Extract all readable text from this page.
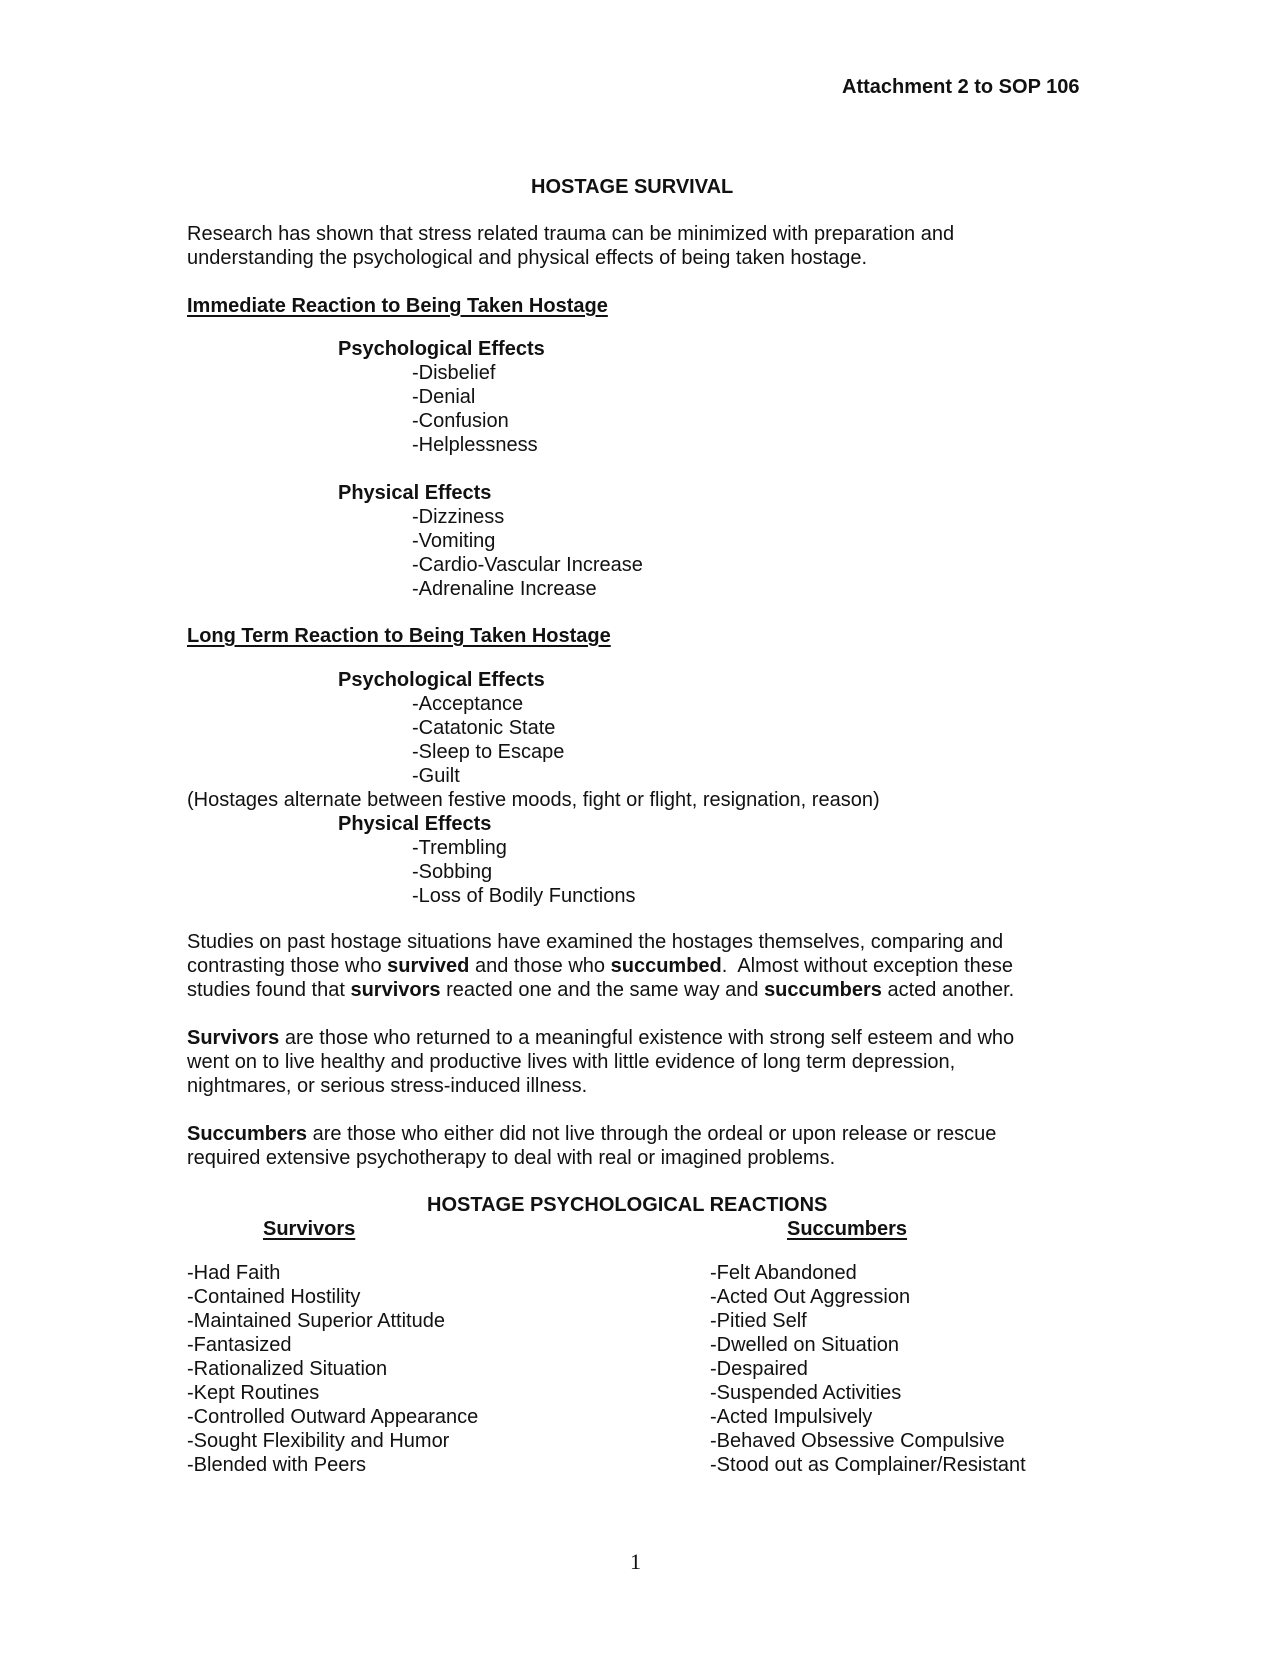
Attachment 2 to SOP 106
HOSTAGE SURVIVAL

Research has shown that stress related trauma can be minimized with preparation and

understanding the psychological and physical effects of being taken hostage.

Immediate Reaction to Being Taken Hostage
Psychological Effects
-Disbelief
-Denial
-Confusion
-Helplessness
Physical Effects
-Dizziness
-Vomiting
-Cardio-Vascular Increase
-Adrenaline Increase
Long Term Reaction to Being Taken Hostage
Psychological Effects
-Acceptance
-Catatonic State
-Sleep to Escape
-Guilt
(Hostages alternate between festive moods, fight or flight, resignation, reason)
Physical Effects
-Trembling
-Sobbing
-Loss of Bodily Functions

Studies on past hostage situations have examined the hostages themselves, comparing and

contrasting those who survived and those who succumbed.  Almost without exception these

studies found that survivors reacted one and the same way and succumbers acted another.

Survivors are those who returned to a meaningful existence with strong self esteem and who

went on to live healthy and productive lives with little evidence of long term depression,

nightmares, or serious stress-induced illness.

Succumbers are those who either did not live through the ordeal or upon release or rescue

required extensive psychotherapy to deal with real or imagined problems.

HOSTAGE PSYCHOLOGICAL REACTIONS
Survivors	Succumbers
-Had Faith
-Contained Hostility
-Maintained Superior Attitude
-Fantasized
-Rationalized Situation
-Kept Routines
-Controlled Outward Appearance
-Sought Flexibility and Humor
-Blended with Peers
-Felt Abandoned
-Acted Out Aggression
-Pitied Self
-Dwelled on Situation
-Despaired
-Suspended Activities
-Acted Impulsively
-Behaved Obsessive Compulsive
-Stood out as Complainer/Resistant
1
